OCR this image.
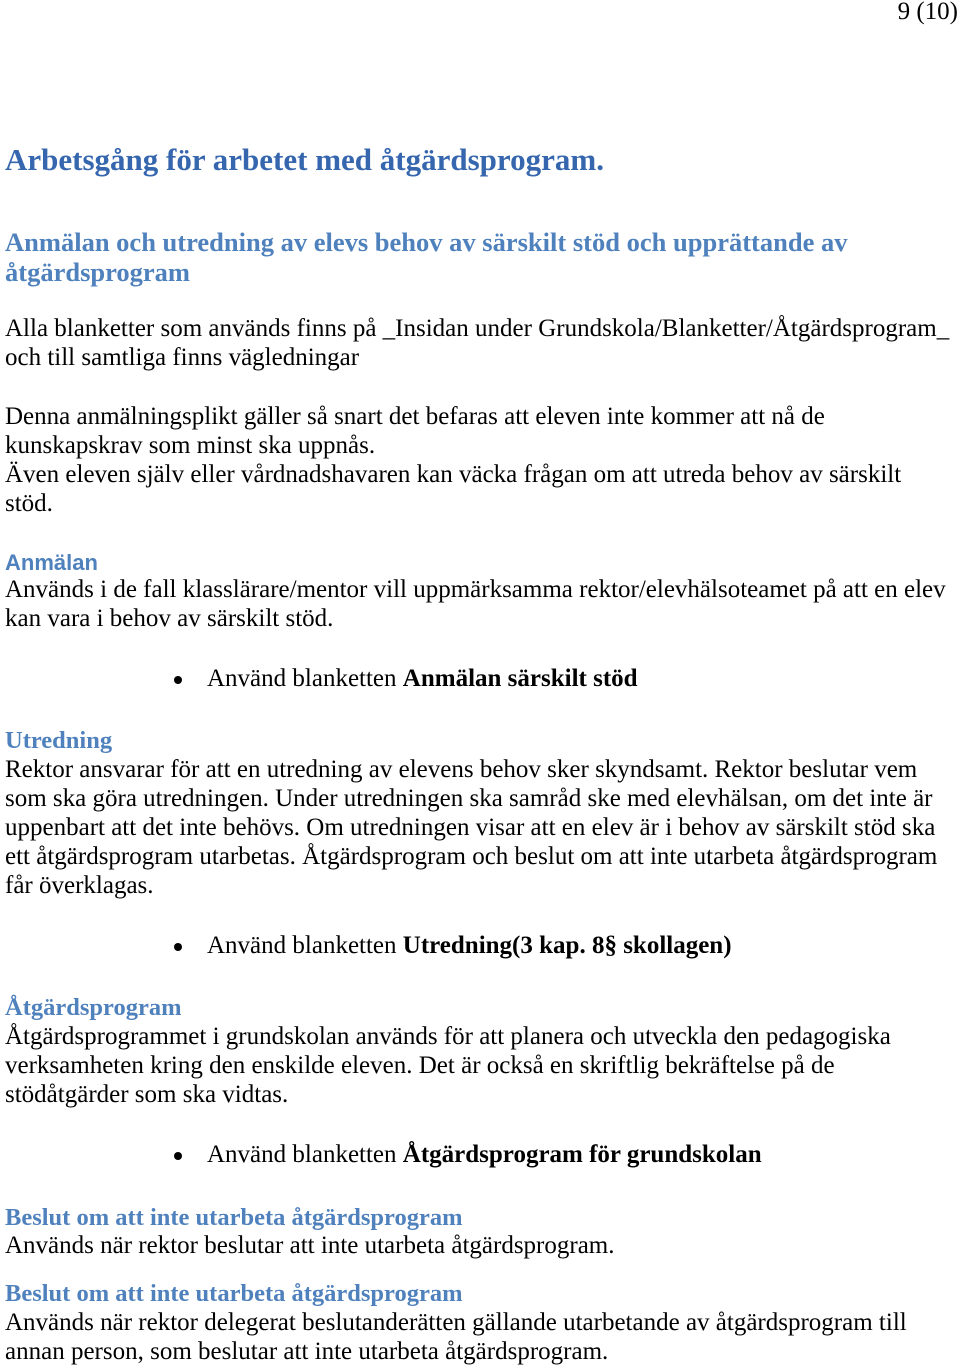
9 (10)
Arbetsgång för arbetet med åtgärdsprogram.
Anmälan och utredning av elevs behov av särskilt stöd och upprättande av
åtgärdsprogram
Alla blanketter som används finns på _Insidan under Grundskola/Blanketter/Åtgärdsprogram_
och till samtliga finns vägledningar
Denna anmälningsplikt gäller så snart det befaras att eleven inte kommer att nå de
kunskapskrav som minst ska uppnås.
Även eleven själv eller vårdnadshavaren kan väcka frågan om att utreda behov av särskilt
stöd.
Anmälan
Används i de fall klasslärare/mentor vill uppmärksamma rektor/elevhälsoteamet på att en elev
kan vara i behov av särskilt stöd.
Använd blanketten Anmälan särskilt stöd
Utredning
Rektor ansvarar för att en utredning av elevens behov sker skyndsamt. Rektor beslutar vem
som ska göra utredningen. Under utredningen ska samråd ske med elevhälsan, om det inte är
uppenbart att det inte behövs. Om utredningen visar att en elev är i behov av särskilt stöd ska
ett åtgärdsprogram utarbetas. Åtgärdsprogram och beslut om att inte utarbeta åtgärdsprogram
får överklagas.
Använd blanketten Utredning(3 kap. 8§ skollagen)
Åtgärdsprogram
Åtgärdsprogrammet i grundskolan används för att planera och utveckla den pedagogiska
verksamheten kring den enskilde eleven. Det är också en skriftlig bekräftelse på de
stödåtgärder som ska vidtas.
Använd blanketten Åtgärdsprogram för grundskolan
Beslut om att inte utarbeta åtgärdsprogram
Används när rektor beslutar att inte utarbeta åtgärdsprogram.
Beslut om att inte utarbeta åtgärdsprogram
Används när rektor delegerat beslutanderätten gällande utarbetande av åtgärdsprogram till
annan person, som beslutar att inte utarbeta åtgärdsprogram.
